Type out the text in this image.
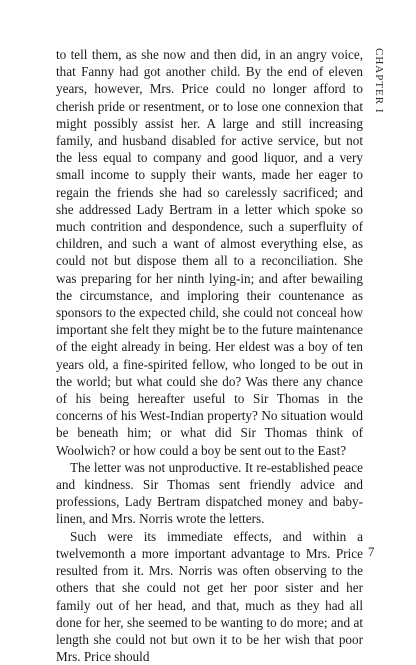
CHAPTER I

to tell them, as she now and then did, in an angry voice, that Fanny had got another child. By the end of eleven years, however, Mrs. Price could no longer afford to cherish pride or resentment, or to lose one connexion that might possibly assist her. A large and still increasing family, and husband disabled for active service, but not the less equal to company and good liquor, and a very small income to supply their wants, made her eager to regain the friends she had so carelessly sacrificed; and she addressed Lady Bertram in a letter which spoke so much contrition and despondence, such a superfluity of children, and such a want of almost everything else, as could not but dispose them all to a reconciliation. She was preparing for her ninth lying-in; and after bewailing the circumstance, and imploring their countenance as sponsors to the expected child, she could not conceal how important she felt they might be to the future maintenance of the eight already in being. Her eldest was a boy of ten years old, a fine-spirited fellow, who longed to be out in the world; but what could she do? Was there any chance of his being hereafter useful to Sir Thomas in the concerns of his West-Indian property? No situation would be beneath him; or what did Sir Thomas think of Woolwich? or how could a boy be sent out to the East?

The letter was not unproductive. It re-established peace and kindness. Sir Thomas sent friendly advice and professions, Lady Bertram dispatched money and baby-linen, and Mrs. Norris wrote the letters.

Such were its immediate effects, and within a twelvemonth a more important advantage to Mrs. Price resulted from it. Mrs. Norris was often observing to the others that she could not get her poor sister and her family out of her head, and that, much as they had all done for her, she seemed to be wanting to do more; and at length she could not but own it to be her wish that poor Mrs. Price should

7
